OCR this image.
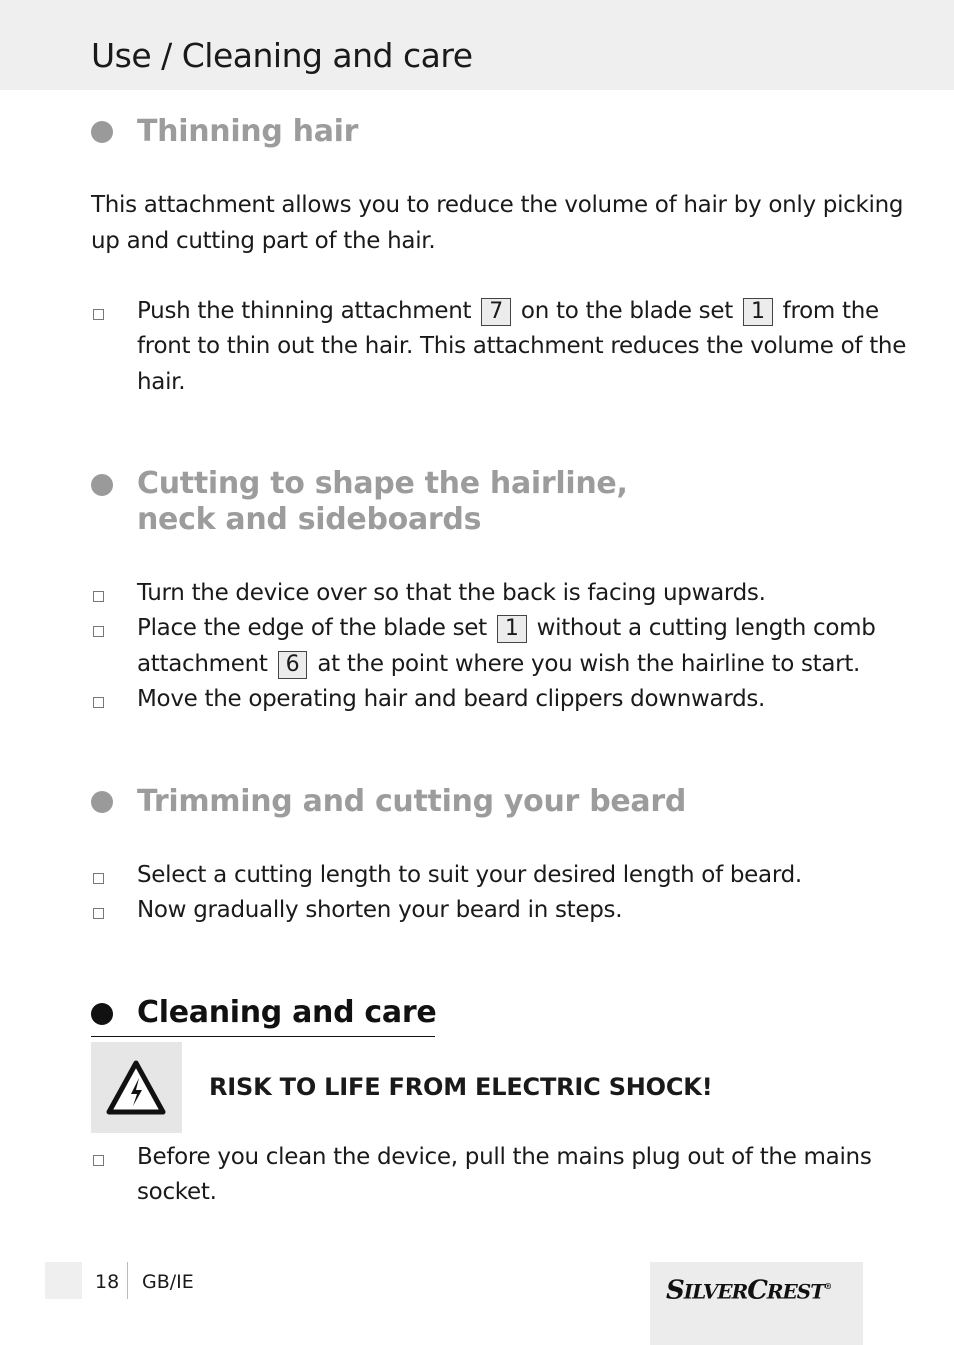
Use / Cleaning and care
Thinning hair
This attachment allows you to reduce the volume of hair by only picking
up and cutting part of the hair.
Push the thinning attachment 7 on to the blade set 1 from the
front to thin out the hair. This attachment reduces the volume of the
hair.
Cutting to shape the hairline,
neck and sideboards
Turn the device over so that the back is facing upwards.
Place the edge of the blade set 1 without a cutting length comb
attachment 6 at the point where you wish the hairline to start.
Move the operating hair and beard clippers downwards.
Trimming and cutting your beard
Select a cutting length to suit your desired length of beard.
Now gradually shorten your beard in steps.
Cleaning and care
RISK TO LIFE FROM ELECTRIC SHOCK!
Before you clean the device, pull the mains plug out of the mains
socket.
18 GB/IE	SILVERCREST®
